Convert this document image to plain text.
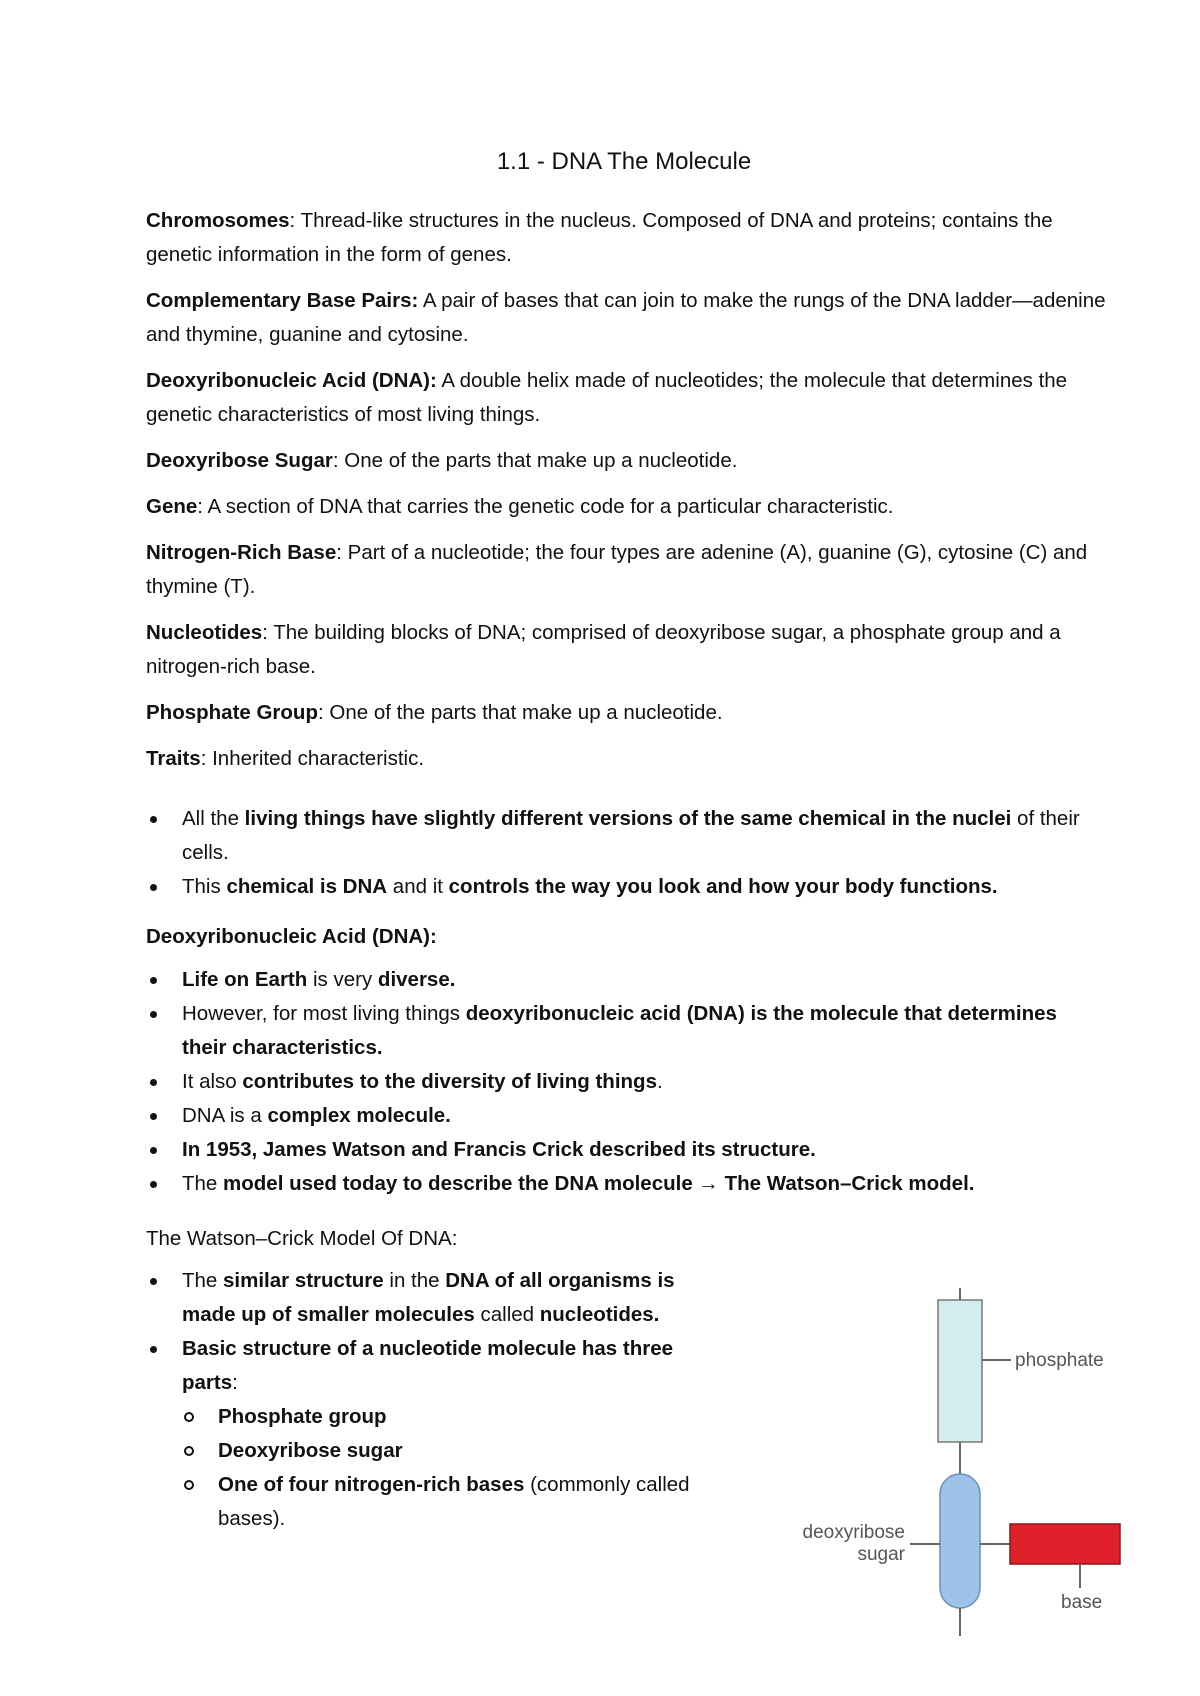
1.1 - DNA The Molecule

Chromosomes: Thread-like structures in the nucleus. Composed of DNA and proteins; contains the genetic information in the form of genes.

Complementary Base Pairs: A pair of bases that can join to make the rungs of the DNA ladder—adenine and thymine, guanine and cytosine.

Deoxyribonucleic Acid (DNA): A double helix made of nucleotides; the molecule that determines the genetic characteristics of most living things.

Deoxyribose Sugar: One of the parts that make up a nucleotide.

Gene: A section of DNA that carries the genetic code for a particular characteristic.

Nitrogen-Rich Base: Part of a nucleotide; the four types are adenine (A), guanine (G), cytosine (C) and thymine (T).

Nucleotides: The building blocks of DNA; comprised of deoxyribose sugar, a phosphate group and a nitrogen-rich base.

Phosphate Group: One of the parts that make up a nucleotide.

Traits: Inherited characteristic.

All the living things have slightly different versions of the same chemical in the nuclei of their cells.
This chemical is DNA and it controls the way you look and how your body functions.
Deoxyribonucleic Acid (DNA):
Life on Earth is very diverse.
However, for most living things deoxyribonucleic acid (DNA) is the molecule that determines their characteristics.
It also contributes to the diversity of living things.
DNA is a complex molecule.
In 1953, James Watson and Francis Crick described its structure.
The model used today to describe the DNA molecule → The Watson–Crick model.
The Watson–Crick Model Of DNA:
The similar structure in the DNA of all organisms is made up of smaller molecules called nucleotides.
Basic structure of a nucleotide molecule has three parts:
Phosphate group
Deoxyribose sugar
One of four nitrogen-rich bases (commonly called bases).
phosphate
deoxyribose
sugar
base
